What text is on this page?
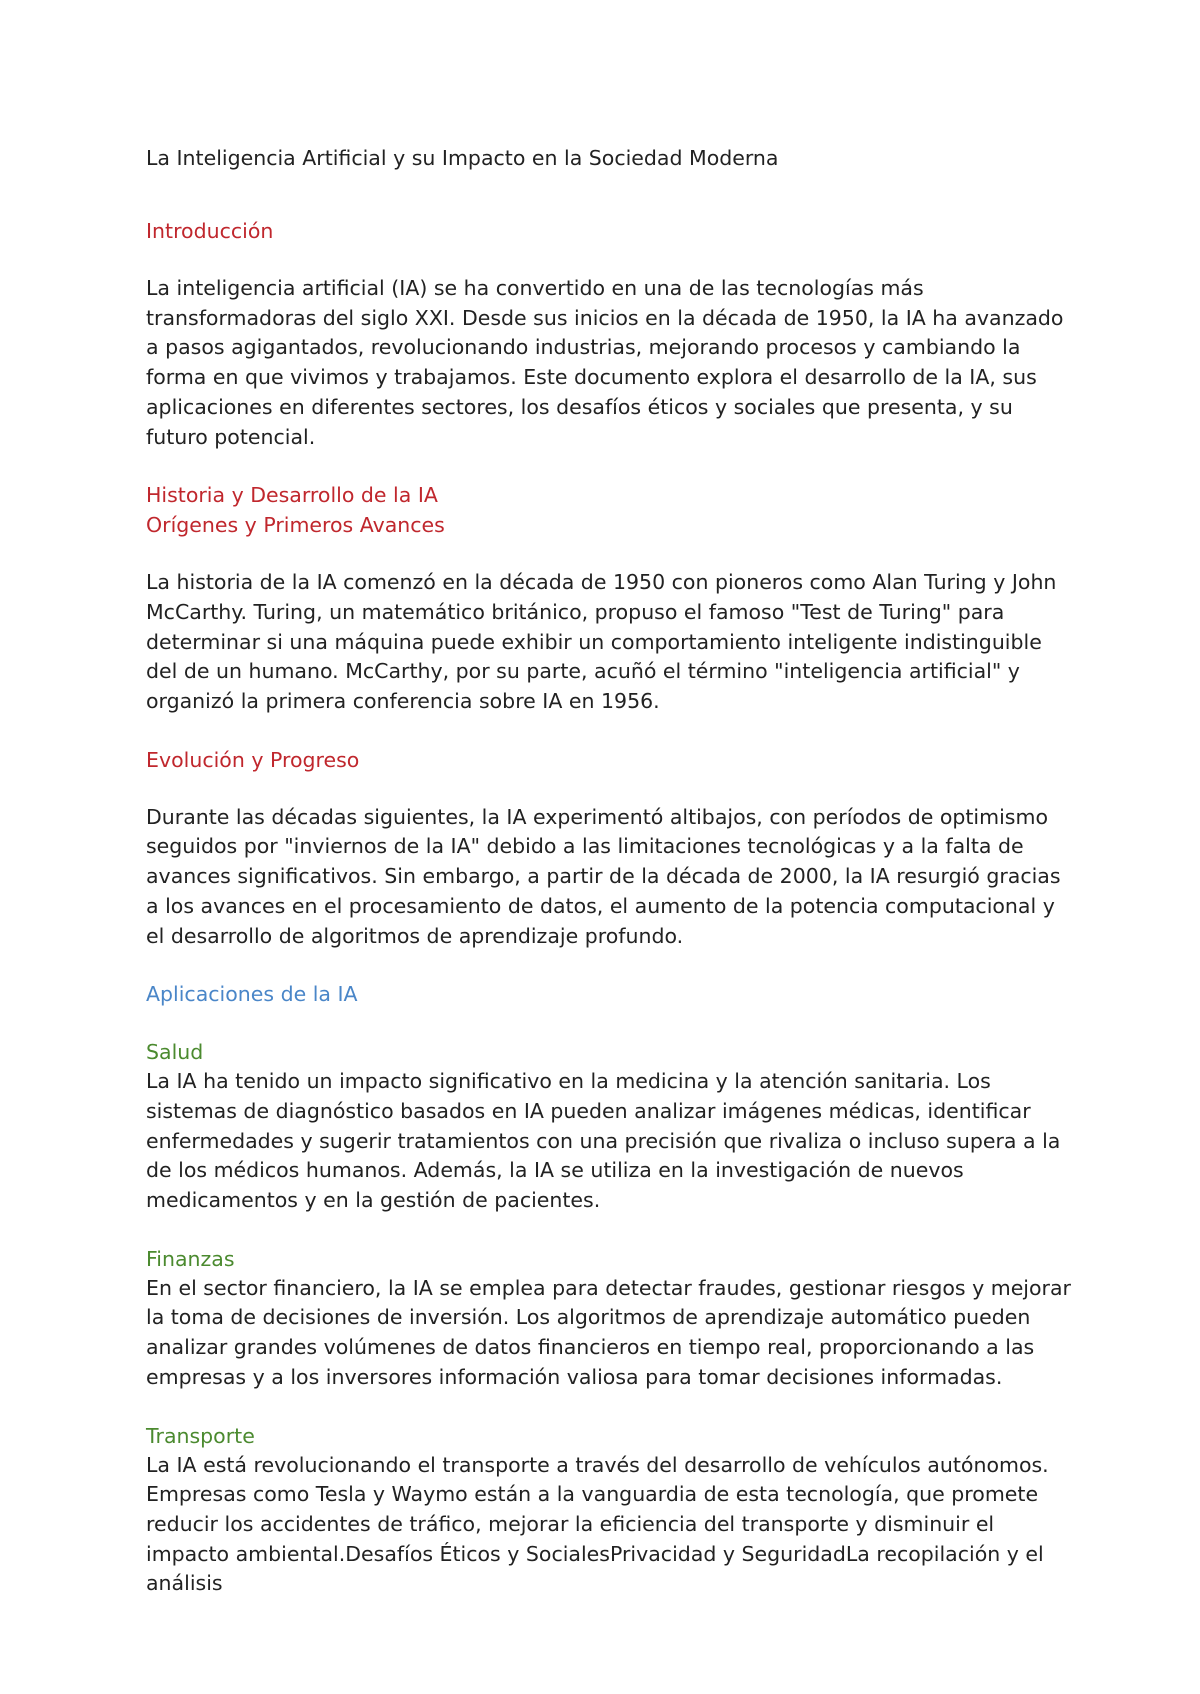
La Inteligencia Artificial y su Impacto en la Sociedad Moderna

Introducción

La inteligencia artificial (IA) se ha convertido en una de las tecnologías más transformadoras del siglo XXI. Desde sus inicios en la década de 1950, la IA ha avanzado a pasos agigantados, revolucionando industrias, mejorando procesos y cambiando la forma en que vivimos y trabajamos. Este documento explora el desarrollo de la IA, sus aplicaciones en diferentes sectores, los desafíos éticos y sociales que presenta, y su futuro potencial.

Historia y Desarrollo de la IA

Orígenes y Primeros Avances

La historia de la IA comenzó en la década de 1950 con pioneros como Alan Turing y John McCarthy. Turing, un matemático británico, propuso el famoso "Test de Turing" para determinar si una máquina puede exhibir un comportamiento inteligente indistinguible del de un humano. McCarthy, por su parte, acuñó el término "inteligencia artificial" y organizó la primera conferencia sobre IA en 1956.

Evolución y Progreso

Durante las décadas siguientes, la IA experimentó altibajos, con períodos de optimismo seguidos por "inviernos de la IA" debido a las limitaciones tecnológicas y a la falta de avances significativos. Sin embargo, a partir de la década de 2000, la IA resurgió gracias a los avances en el procesamiento de datos, el aumento de la potencia computacional y el desarrollo de algoritmos de aprendizaje profundo.

Aplicaciones de la IA

Salud

La IA ha tenido un impacto significativo en la medicina y la atención sanitaria. Los sistemas de diagnóstico basados en IA pueden analizar imágenes médicas, identificar enfermedades y sugerir tratamientos con una precisión que rivaliza o incluso supera a la de los médicos humanos. Además, la IA se utiliza en la investigación de nuevos medicamentos y en la gestión de pacientes.

Finanzas

En el sector financiero, la IA se emplea para detectar fraudes, gestionar riesgos y mejorar la toma de decisiones de inversión. Los algoritmos de aprendizaje automático pueden analizar grandes volúmenes de datos financieros en tiempo real, proporcionando a las empresas y a los inversores información valiosa para tomar decisiones informadas.

Transporte

La IA está revolucionando el transporte a través del desarrollo de vehículos autónomos. Empresas como Tesla y Waymo están a la vanguardia de esta tecnología, que promete reducir los accidentes de tráfico, mejorar la eficiencia del transporte y disminuir el impacto ambiental.Desafíos Éticos y SocialesPrivacidad y SeguridadLa recopilación y el análisis
